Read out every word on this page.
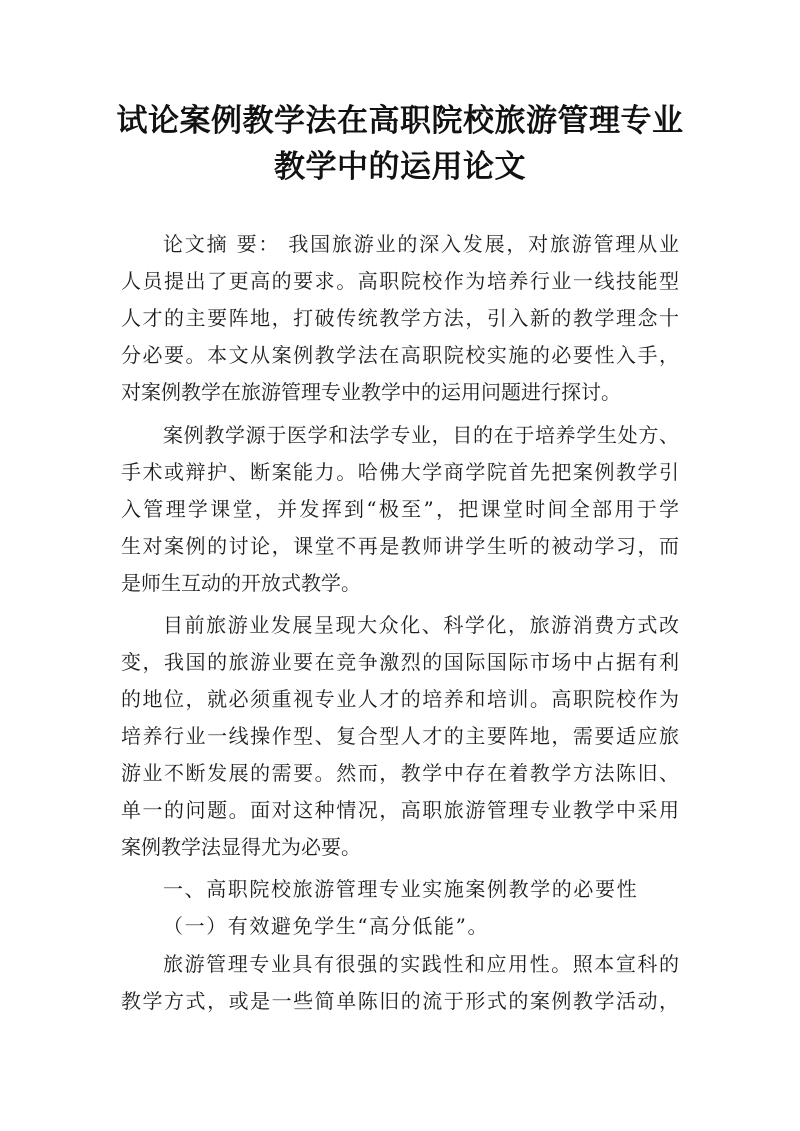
试论案例教学法在高职院校旅游管理专业
教学中的运用论文
论文摘 要： 我国旅游业的深入发展，对旅游管理从业
人员提出了更高的要求。高职院校作为培养行业一线技能型
人才的主要阵地，打破传统教学方法，引入新的教学理念十
分必要。本文从案例教学法在高职院校实施的必要性入手，
对案例教学在旅游管理专业教学中的运用问题进行探讨。
案例教学源于医学和法学专业，目的在于培养学生处方、
手术或辩护、断案能力。哈佛大学商学院首先把案例教学引
入管理学课堂，并发挥到“极至”，把课堂时间全部用于学
生对案例的讨论，课堂不再是教师讲学生听的被动学习，而
是师生互动的开放式教学。
目前旅游业发展呈现大众化、科学化，旅游消费方式改
变，我国的旅游业要在竞争激烈的国际国际市场中占据有利
的地位，就必须重视专业人才的培养和培训。高职院校作为
培养行业一线操作型、复合型人才的主要阵地，需要适应旅
游业不断发展的需要。然而，教学中存在着教学方法陈旧、
单一的问题。面对这种情况，高职旅游管理专业教学中采用
案例教学法显得尤为必要。
一、高职院校旅游管理专业实施案例教学的必要性
（一）有效避免学生“高分低能”。
旅游管理专业具有很强的实践性和应用性。照本宣科的
教学方式，或是一些简单陈旧的流于形式的案例教学活动，
